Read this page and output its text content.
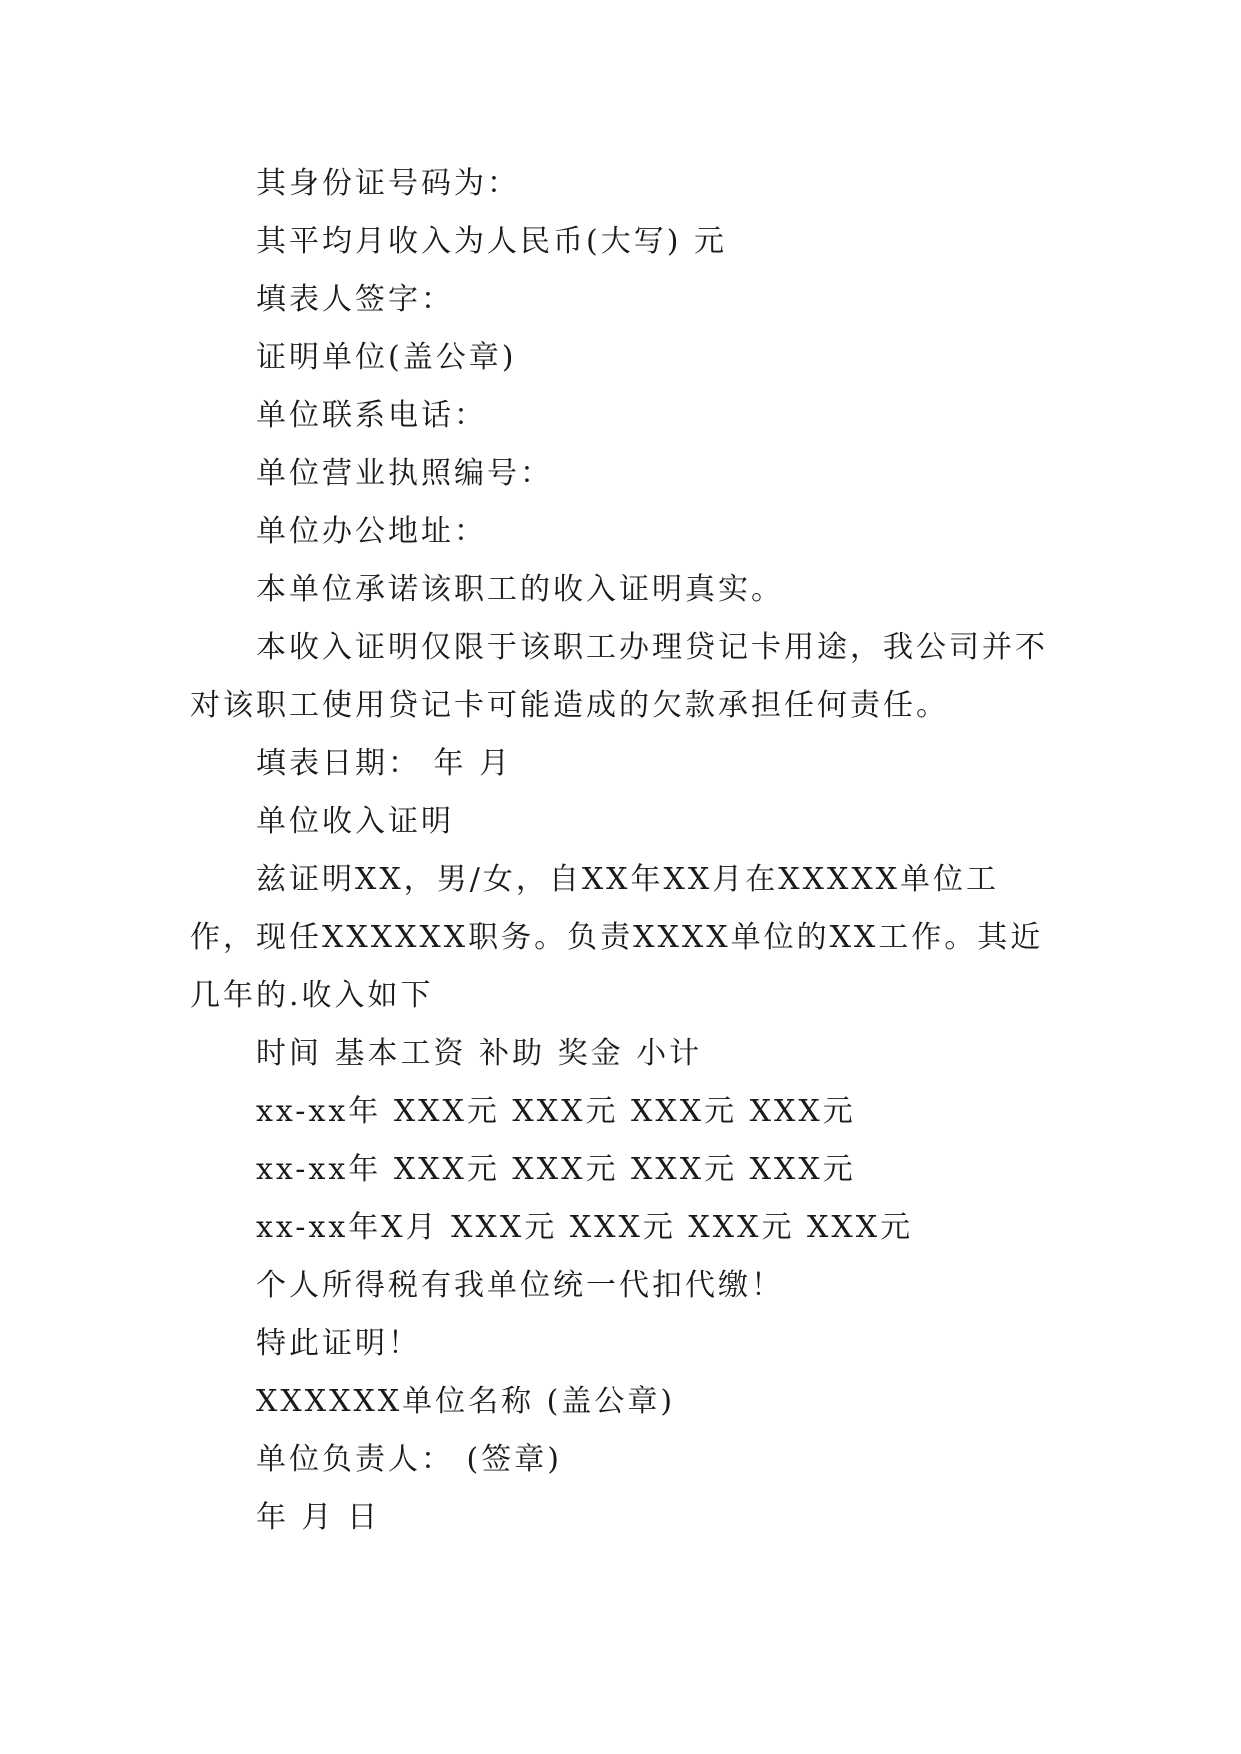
其身份证号码为：

其平均月收入为人民币(大写) 元

填表人签字：

证明单位(盖公章)

单位联系电话：

单位营业执照编号：

单位办公地址：

本单位承诺该职工的收入证明真实。

本收入证明仅限于该职工办理贷记卡用途，我公司并不对该职工使用贷记卡可能造成的欠款承担任何责任。

填表日期： 年 月

单位收入证明

兹证明XX，男/女，自XX年XX月在XXXXX单位工作，现任XXXXXX职务。负责XXXX单位的XX工作。其近几年的.收入如下

时间 基本工资 补助 奖金 小计

xx-xx年 XXX元 XXX元 XXX元 XXX元

xx-xx年 XXX元 XXX元 XXX元 XXX元

xx-xx年X月 XXX元 XXX元 XXX元 XXX元

个人所得税有我单位统一代扣代缴！

特此证明！

XXXXXX单位名称 (盖公章)

单位负责人： (签章)

年 月 日
